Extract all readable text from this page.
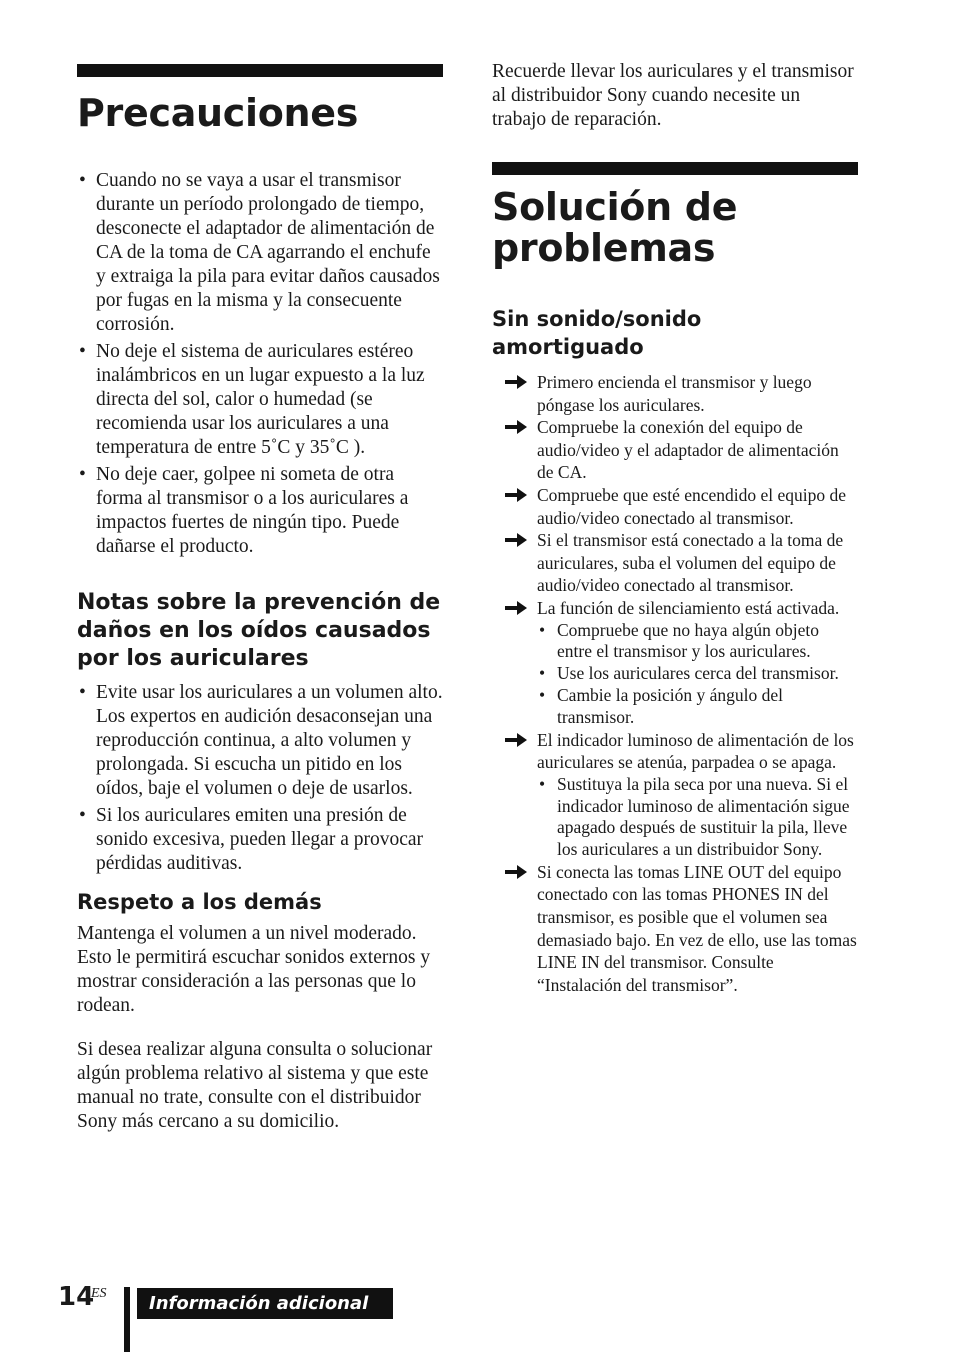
Precauciones
• Cuando no se vaya a usar el transmisor durante un período prolongado de tiempo, desconecte el adaptador de alimentación de CA de la toma de CA agarrando el enchufe y extraiga la pila para evitar daños causados por fugas en la misma y la consecuente corrosión.
• No deje el sistema de auriculares estéreo inalámbricos en un lugar expuesto a la luz directa del sol, calor o humedad (se recomienda usar los auriculares a una temperatura de entre 5˚C y 35˚C ).
• No deje caer, golpee ni someta de otra forma al transmisor o a los auriculares a impactos fuertes de ningún tipo. Puede dañarse el producto.
Notas sobre la prevención de daños en los oídos causados por los auriculares
• Evite usar los auriculares a un volumen alto. Los expertos en audición desaconsejan una reproducción continua, a alto volumen y prolongada. Si escucha un pitido en los oídos, baje el volumen o deje de usarlos.
• Si los auriculares emiten una presión de sonido excesiva, pueden llegar a provocar pérdidas auditivas.
Respeto a los demás

Mantenga el volumen a un nivel moderado. Esto le permitirá escuchar sonidos externos y mostrar consideración a las personas que lo rodean.

Si desea realizar alguna consulta o solucionar algún problema relativo al sistema y que este manual no trate, consulte con el distribuidor Sony más cercano a su domicilio.

Recuerde llevar los auriculares y el transmisor al distribuidor Sony cuando necesite un trabajo de reparación.

Solución de problemas
Sin sonido/sonido amortiguado
Primero encienda el transmisor y luego póngase los auriculares.
Compruebe la conexión del equipo de audio/video y el adaptador de alimentación de CA.
Compruebe que esté encendido el equipo de audio/video conectado al transmisor.
Si el transmisor está conectado a la toma de auriculares, suba el volumen del equipo de audio/video conectado al transmisor.
La función de silenciamiento está activada.
• Compruebe que no haya algún objeto entre el transmisor y los auriculares.
• Use los auriculares cerca del transmisor.
• Cambie la posición y ángulo del transmisor.
El indicador luminoso de alimentación de los auriculares se atenúa, parpadea o se apaga.
• Sustituya la pila seca por una nueva. Si el indicador luminoso de alimentación sigue apagado después de sustituir la pila, lleve los auriculares a un distribuidor Sony.
Si conecta las tomas LINE OUT del equipo conectado con las tomas PHONES IN del transmisor, es posible que el volumen sea demasiado bajo. En vez de ello, use las tomas LINE IN del transmisor. Consulte “Instalación del transmisor”.
14
ES	Información adicional
